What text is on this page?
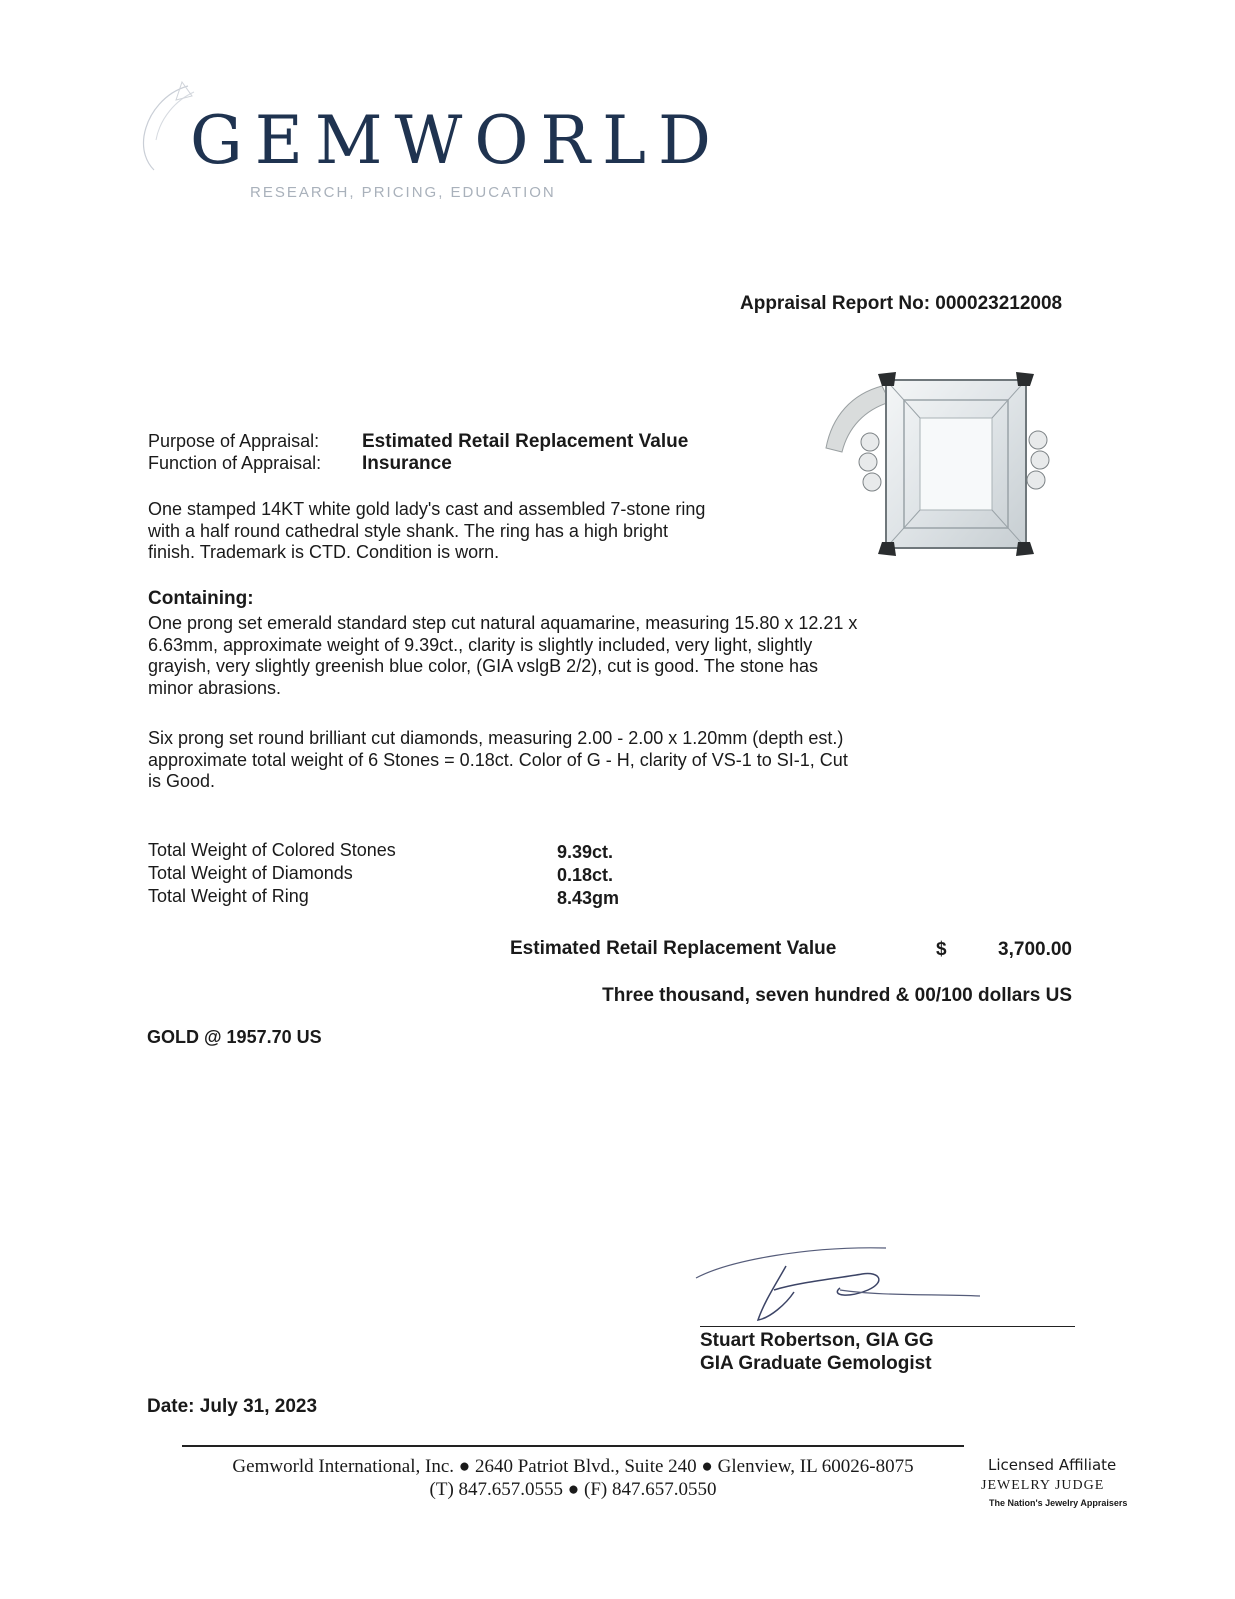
GEMWORLD
RESEARCH, PRICING, EDUCATION
Appraisal Report No: 000023212008
Purpose of Appraisal: Estimated Retail Replacement Value
Function of Appraisal: Insurance
One stamped 14KT white gold lady's cast and assembled 7-stone ring
with a half round cathedral style shank. The ring has a high bright
finish. Trademark is CTD. Condition is worn.
Containing:
One prong set emerald standard step cut natural aquamarine, measuring 15.80 x 12.21 x
6.63mm, approximate weight of 9.39ct., clarity is slightly included, very light, slightly
grayish, very slightly greenish blue color, (GIA vslgB 2/2), cut is good. The stone has
minor abrasions.
Six prong set round brilliant cut diamonds, measuring 2.00 - 2.00 x 1.20mm (depth est.)
approximate total weight of 6 Stones = 0.18ct. Color of G - H, clarity of VS-1 to SI-1, Cut
is Good.
Total Weight of Colored Stones	9.39ct.
Total Weight of Diamonds	0.18ct.
Total Weight of Ring	8.43gm
Estimated Retail Replacement Value	$	3,700.00
Three thousand, seven hundred & 00/100 dollars US
GOLD @ 1957.70 US
Stuart Robertson, GIA GG
GIA Graduate Gemologist
Date: July 31, 2023
Gemworld International, Inc. ● 2640 Patriot Blvd., Suite 240 ● Glenview, IL 60026-8075
(T) 847.657.0555 ● (F) 847.657.0550
Licensed Affiliate
JEWELRY JUDGE
The Nation's Jewelry Appraisers
